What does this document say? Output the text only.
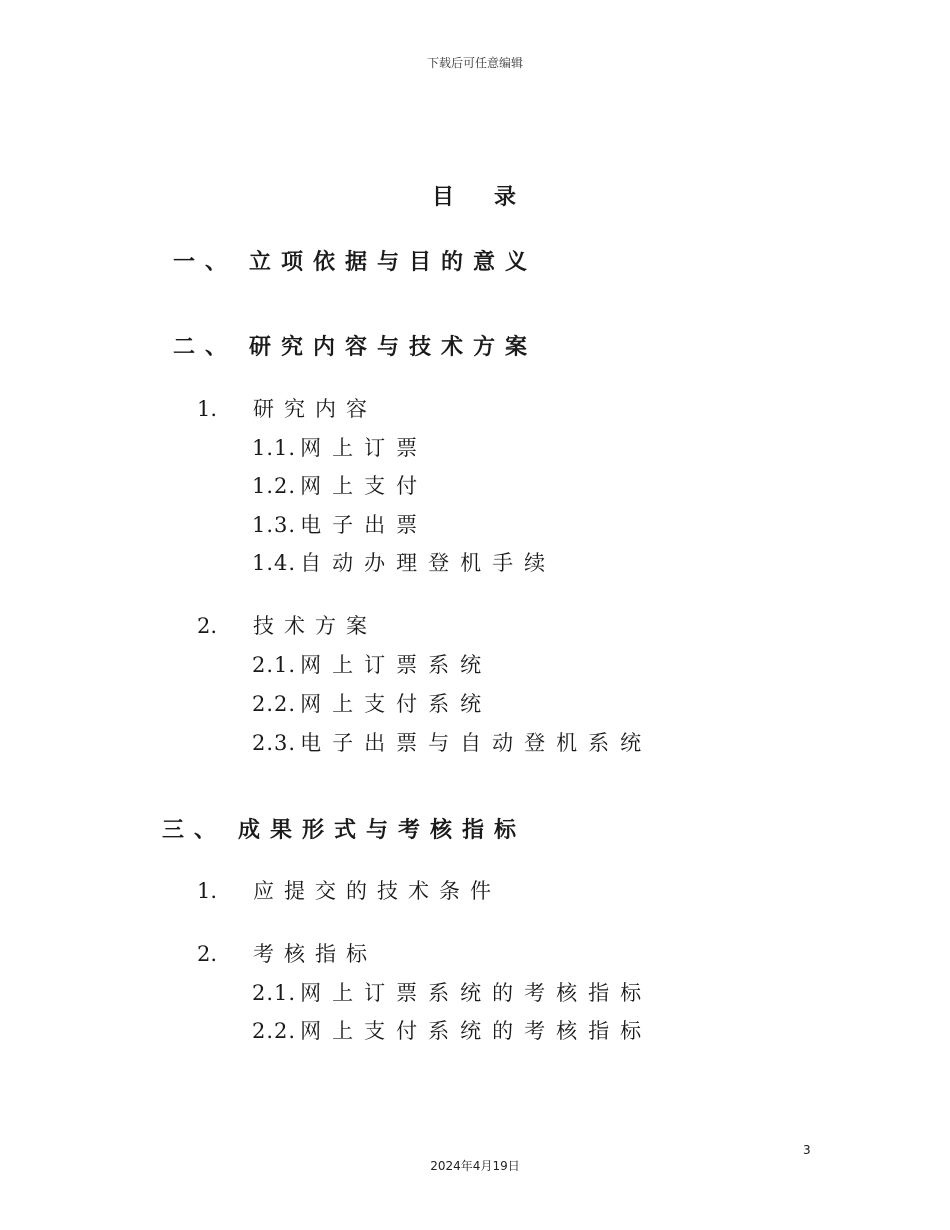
下载后可任意编辑
目录
一、 立项依据与目的意义
二、 研究内容与技术方案
1. 研究内容
1.1. 网上订票
1.2. 网上支付
1.3. 电子出票
1.4. 自动办理登机手续
2. 技术方案
2.1. 网上订票系统
2.2. 网上支付系统
2.3. 电子出票与自动登机系统
三、 成果形式与考核指标
1. 应提交的技术条件
2. 考核指标
2.1. 网上订票系统的考核指标
2.2. 网上支付系统的考核指标
3
2024年4月19日
